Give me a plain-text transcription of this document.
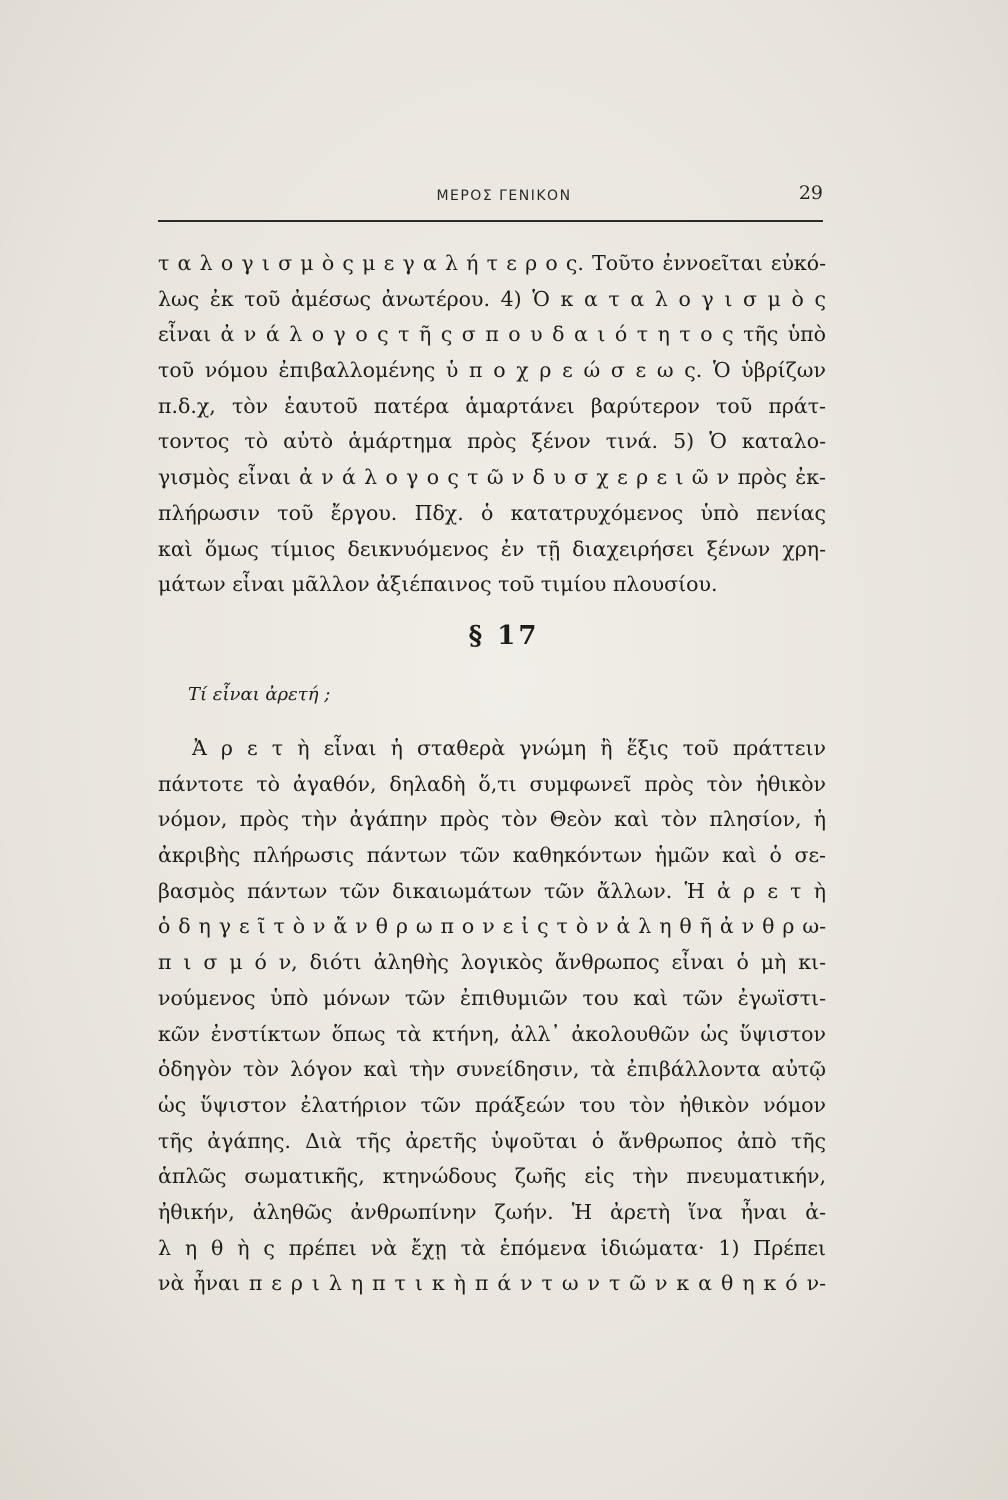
ΜΕΡΟΣ ΓΕΝΙΚΟΝ	29
τ α λ ο γ ι σ μ ὸ ς μ ε γ α λ ή τ ε ρ ο ς. Τοῦτο ἐννοεῖται εὐκό-
λως ἐκ τοῦ ἀμέσως ἀνωτέρου. 4) Ὁ κ α τ α λ ο γ ι σ μ ὸ ς
εἶναι ἀ ν ά λ ο γ ο ς τ ῆ ς σ π ο υ δ α ι ό τ η τ ο ς τῆς ὑπὸ
τοῦ νόμου ἐπιβαλλομένης ὑ π ο χ ρ ε ώ σ ε ω ς. Ὁ ὑβρίζων
π.δ.χ, τὸν ἑαυτοῦ πατέρα ἁμαρτάνει βαρύτερον τοῦ πράτ-
τοντος τὸ αὐτὸ ἁμάρτημα πρὸς ξένον τινά. 5) Ὁ καταλο-
γισμὸς εἶναι ἀ ν ά λ ο γ ο ς τ ῶ ν δ υ σ χ ε ρ ε ι ῶ ν πρὸς ἐκ-
πλήρωσιν τοῦ ἔργου. Πδχ. ὁ κατατρυχόμενος ὑπὸ πενίας
καὶ ὅμως τίμιος δεικνυόμενος ἐν τῇ διαχειρήσει ξένων χρη-
μάτων εἶναι μᾶλλον ἀξιέπαινος τοῦ τιμίου πλουσίου.
§ 17
Τί εἶναι ἀρετή ;
Ἀ ρ ε τ ὴ εἶναι ἡ σταθερὰ γνώμη ἢ ἕξις τοῦ πράττειν
πάντοτε τὸ ἀγαθόν, δηλαδὴ ὅ,τι συμφωνεῖ πρὸς τὸν ἠθικὸν
νόμον, πρὸς τὴν ἀγάπην πρὸς τὸν Θεὸν καὶ τὸν πλησίον, ἡ
ἀκριβὴς πλήρωσις πάντων τῶν καθηκόντων ἡμῶν καὶ ὁ σε-
βασμὸς πάντων τῶν δικαιωμάτων τῶν ἄλλων. Ἡ ἀ ρ ε τ ὴ
ὁ δ η γ ε ῖ τ ὸ ν ἄ ν θ ρ ω π ο ν ε ἰ ς τ ὸ ν ἀ λ η θ ῆ ἀ ν θ ρ ω-
π ι σ μ ό ν, διότι ἀληθὴς λογικὸς ἄνθρωπος εἶναι ὁ μὴ κι-
νούμενος ὑπὸ μόνων τῶν ἐπιθυμιῶν του καὶ τῶν ἐγωϊστι-
κῶν ἐνστίκτων ὅπως τὰ κτήνη, ἀλλ᾿ ἀκολουθῶν ὡς ὕψιστον
ὁδηγὸν τὸν λόγον καὶ τὴν συνείδησιν, τὰ ἐπιβάλλοντα αὐτῷ
ὡς ὕψιστον ἐλατήριον τῶν πράξεών του τὸν ἠθικὸν νόμον
τῆς ἀγάπης. Διὰ τῆς ἀρετῆς ὑψοῦται ὁ ἄνθρωπος ἀπὸ τῆς
ἁπλῶς σωματικῆς, κτηνώδους ζωῆς εἰς τὴν πνευματικήν,
ἠθικήν, ἀληθῶς ἀνθρωπίνην ζωήν. Ἡ ἀρετὴ ἵνα ἦναι ἀ-
λ η θ ὴ ς πρέπει νὰ ἔχῃ τὰ ἑπόμενα ἰδιώματα· 1) Πρέπει
νὰ ἦναι π ε ρ ι λ η π τ ι κ ὴ π ά ν τ ω ν τ ῶ ν κ α θ η κ ό ν-
